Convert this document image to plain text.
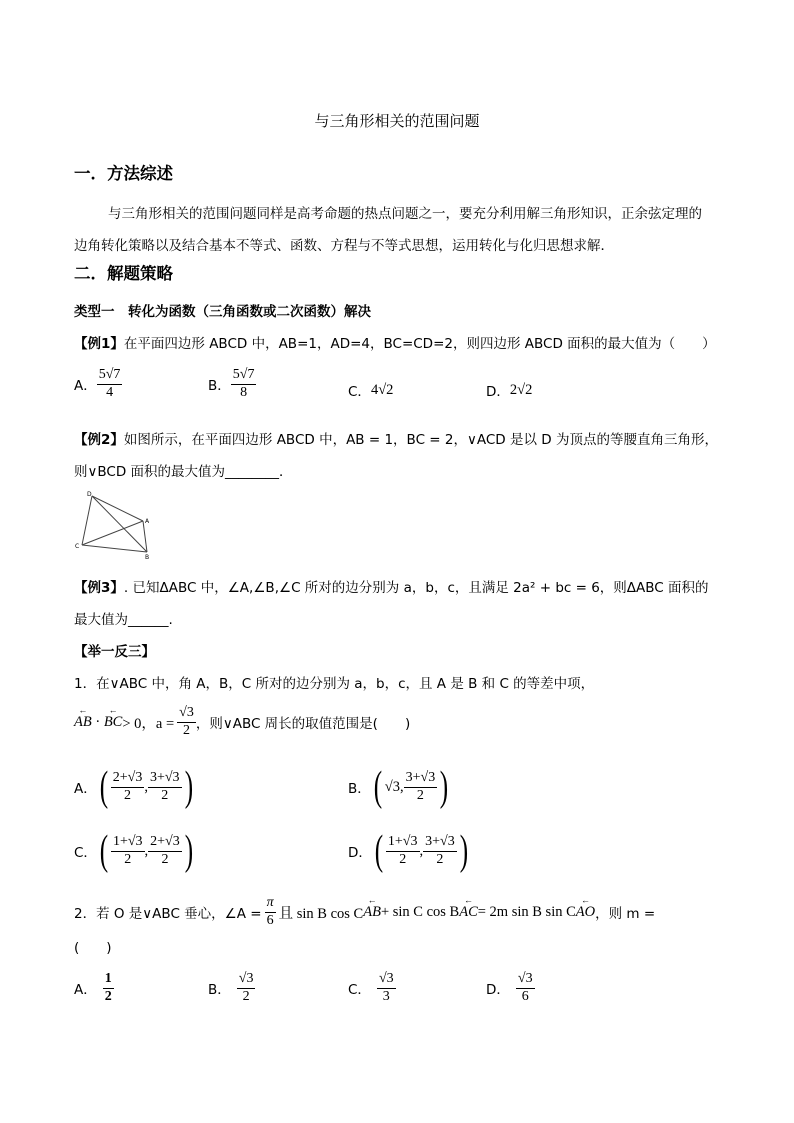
与三角形相关的范围问题
一．方法综述
与三角形相关的范围问题同样是高考命题的热点问题之一，要充分利用解三角形知识，正余弦定理的
边角转化策略以及结合基本不等式、函数、方程与不等式思想，运用转化与化归思想求解．
二．解题策略
类型一　转化为函数（三角函数或二次函数）解决
【例1】在平面四边形 ABCD 中，AB=1，AD=4，BC=CD=2，则四边形 ABCD 面积的最大值为（　　）
A． $\frac{5√7}{4}$	B． $\frac{5√7}{8}$	C． 4√2	D． 2√2
【例2】如图所示，在平面四边形 ABCD 中，AB = 1，BC = 2，∨ACD 是以 D 为顶点的等腰直角三角形，
则∨BCD 面积的最大值为________．
D
A
C
B
【例3】. 已知ΔABC 中，∠A,∠B,∠C 所对的边分别为 a，b，c，且满足 2a² + bc = 6，则ΔABC 面积的
最大值为______.
【举一反三】
1．在∨ABC 中，角 A，B，C 所对的边分别为 a，b，c，且 A 是 B 和 C 的等差中项，
← AB · ← BC > 0，$a = \frac{√3}{2}$ ，则∨ABC 周长的取值范围是(　　)
A． ( $\frac{2+√3}{2}$ , $\frac{3+√3}{2}$ )	B． ( √3, $\frac{3+√3}{2}$ )
C． ( $\frac{1+√3}{2}$ , $\frac{2+√3}{2}$ )	D． ( $\frac{1+√3}{2}$ , $\frac{3+√3}{2}$ )
2．若 O 是∨ABC 垂心，∠A = $\frac{\pi}{6}$ 且 sin B cos C ← AB + sin C cos B ← AC = 2m sin B sin C ← AO ，则 m =
(　　)
A． $\frac{1}{2}$	B． $\frac{√3}{2}$	C． $\frac{√3}{3}$	D． $\frac{√3}{6}$
